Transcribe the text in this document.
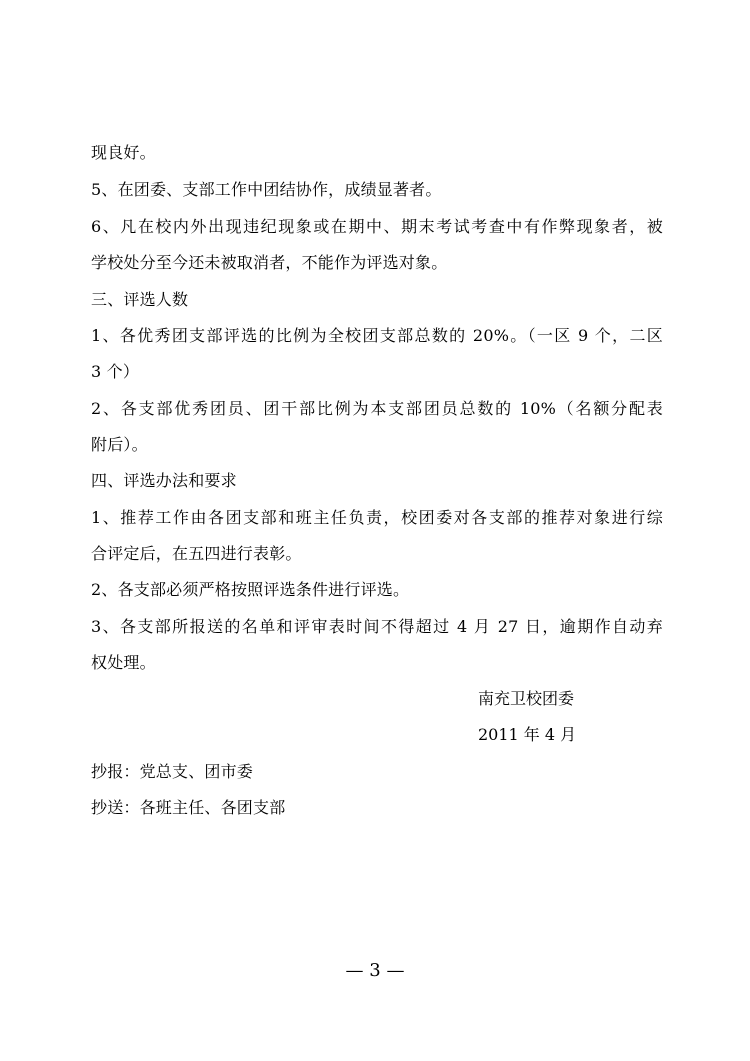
现良好。
5、在团委、支部工作中团结协作，成绩显著者。
6、凡在校内外出现违纪现象或在期中、期末考试考查中有作弊现象者，被
学校处分至今还未被取消者，不能作为评选对象。
三、评选人数
1、各优秀团支部评选的比例为全校团支部总数的 20%。（一区 9 个，二区
3 个）
2、各支部优秀团员、团干部比例为本支部团员总数的 10%（名额分配表
附后）。
四、评选办法和要求
1、推荐工作由各团支部和班主任负责，校团委对各支部的推荐对象进行综
合评定后，在五四进行表彰。
2、各支部必须严格按照评选条件进行评选。
3、各支部所报送的名单和评审表时间不得超过 4 月 27 日，逾期作自动弃
权处理。
南充卫校团委
2011 年 4 月
抄报：党总支、团市委
抄送：各班主任、各团支部
— 3 —
